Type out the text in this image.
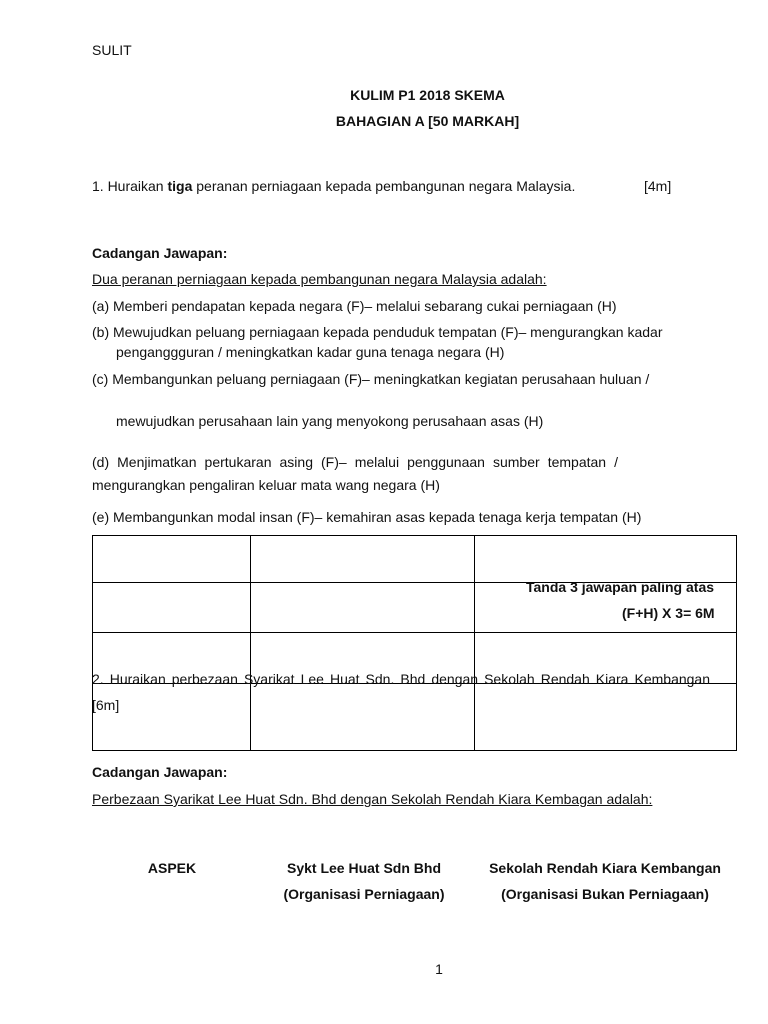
SULIT
KULIM P1 2018 SKEMA
BAHAGIAN A [50 MARKAH]
1. Huraikan tiga peranan perniagaan kepada pembangunan negara Malaysia.	[4m]
Cadangan Jawapan:
Dua peranan perniagaan kepada pembangunan negara Malaysia adalah:
(a) Memberi pendapatan kepada negara (F)– melalui sebarang cukai perniagaan (H)
(b) Mewujudkan peluang perniagaan kepada penduduk tempatan (F)– mengurangkan kadar
penganggguran / meningkatkan kadar guna tenaga negara (H)
(c) Membangunkan peluang perniagaan (F)– meningkatkan kegiatan perusahaan huluan /
mewujudkan perusahaan lain yang menyokong perusahaan asas (H)
(d) Menjimatkan pertukaran asing (F)– melalui penggunaan sumber tempatan /
mengurangkan pengaliran keluar mata wang negara (H)
(e) Membangunkan modal insan (F)– kemahiran asas kepada tenaga kerja tempatan (H)
Tanda 3 jawapan paling atas
(F+H) X 3= 6M
2. Huraikan perbezaan Syarikat Lee Huat Sdn. Bhd dengan Sekolah Rendah Kiara Kembangan
[6m]
Cadangan Jawapan:
Perbezaan Syarikat Lee Huat Sdn. Bhd dengan Sekolah Rendah Kiara Kembagan adalah:
ASPEK	Sykt Lee Huat Sdn Bhd
(Organisasi Perniagaan)
Sekolah Rendah Kiara Kembangan
(Organisasi Bukan Perniagaan)
1
